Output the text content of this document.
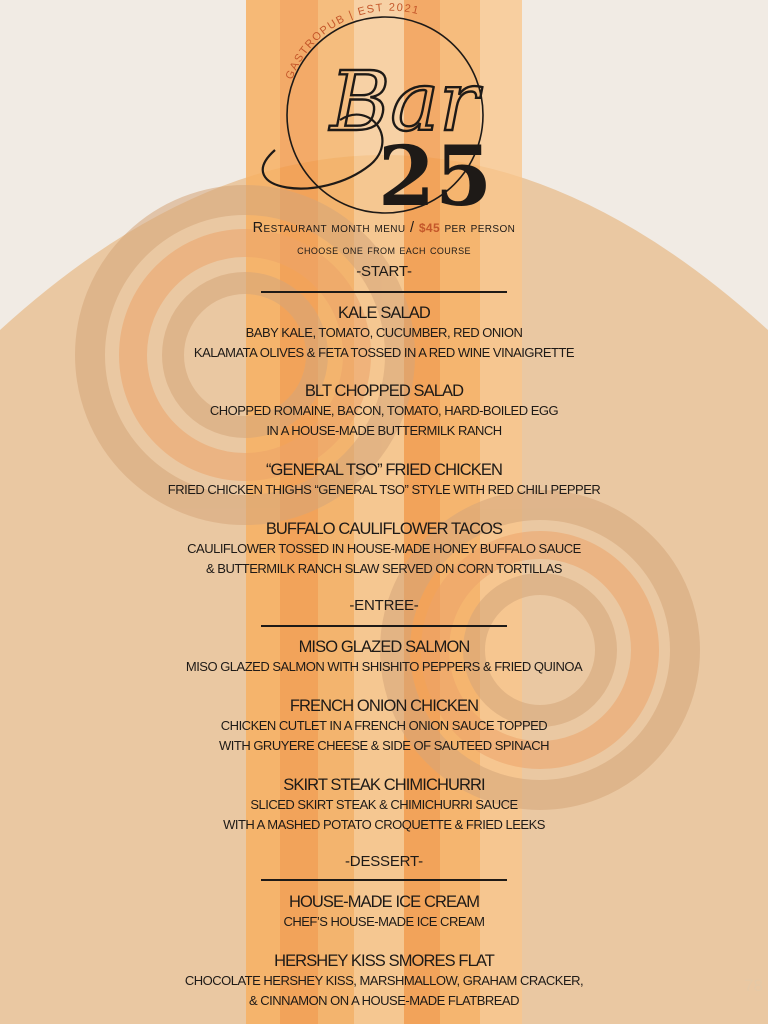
GASTROPUB | EST 2021
Bar
25
Restaurant month menu / $45 per person
choose one from each course
-START-
KALE SALAD
BABY KALE, TOMATO, CUCUMBER, RED ONION
KALAMATA OLIVES & FETA TOSSED IN A RED WINE VINAIGRETTE
BLT CHOPPED SALAD
CHOPPED ROMAINE, BACON, TOMATO, HARD-BOILED EGG
IN A HOUSE-MADE BUTTERMILK RANCH
“GENERAL TSO” FRIED CHICKEN
FRIED CHICKEN THIGHS “GENERAL TSO” STYLE WITH RED CHILI PEPPER
BUFFALO CAULIFLOWER TACOS
CAULIFLOWER TOSSED IN HOUSE-MADE HONEY BUFFALO SAUCE
& BUTTERMILK RANCH SLAW SERVED ON CORN TORTILLAS
-ENTREE-
MISO GLAZED SALMON
MISO GLAZED SALMON WITH SHISHITO PEPPERS & FRIED QUINOA
FRENCH ONION CHICKEN
CHICKEN CUTLET IN A FRENCH ONION SAUCE TOPPED
WITH GRUYERE CHEESE & SIDE OF SAUTEED SPINACH
SKIRT STEAK CHIMICHURRI
SLICED SKIRT STEAK & CHIMICHURRI SAUCE
WITH A MASHED POTATO CROQUETTE & FRIED LEEKS
-DESSERT-
HOUSE-MADE ICE CREAM
CHEF’S HOUSE-MADE ICE CREAM
HERSHEY KISS SMORES FLAT
CHOCOLATE HERSHEY KISS, MARSHMALLOW, GRAHAM CRACKER,
& CINNAMON ON A HOUSE-MADE FLATBREAD
78
